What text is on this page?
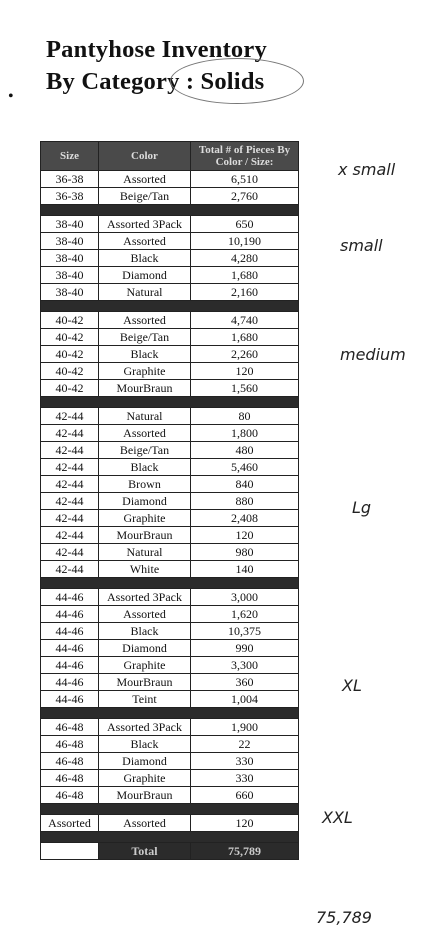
Pantyhose Inventory
By Category : Solids
•
Size	Color	Total # of Pieces By Color / Size:
36-38	Assorted	6,510
36-38	Beige/Tan	2,760

38-40	Assorted 3Pack	650
38-40	Assorted	10,190
38-40	Black	4,280
38-40	Diamond	1,680
38-40	Natural	2,160

40-42	Assorted	4,740
40-42	Beige/Tan	1,680
40-42	Black	2,260
40-42	Graphite	120
40-42	MourBraun	1,560

42-44	Natural	80
42-44	Assorted	1,800
42-44	Beige/Tan	480
42-44	Black	5,460
42-44	Brown	840
42-44	Diamond	880
42-44	Graphite	2,408
42-44	MourBraun	120
42-44	Natural	980
42-44	White	140

44-46	Assorted 3Pack	3,000
44-46	Assorted	1,620
44-46	Black	10,375
44-46	Diamond	990
44-46	Graphite	3,300
44-46	MourBraun	360
44-46	Teint	1,004

46-48	Assorted 3Pack	1,900
46-48	Black	22
46-48	Diamond	330
46-48	Graphite	330
46-48	MourBraun	660

Assorted	Assorted	120

	Total	75,789
x small
small
medium
Lg
XL
XXL
75,789
